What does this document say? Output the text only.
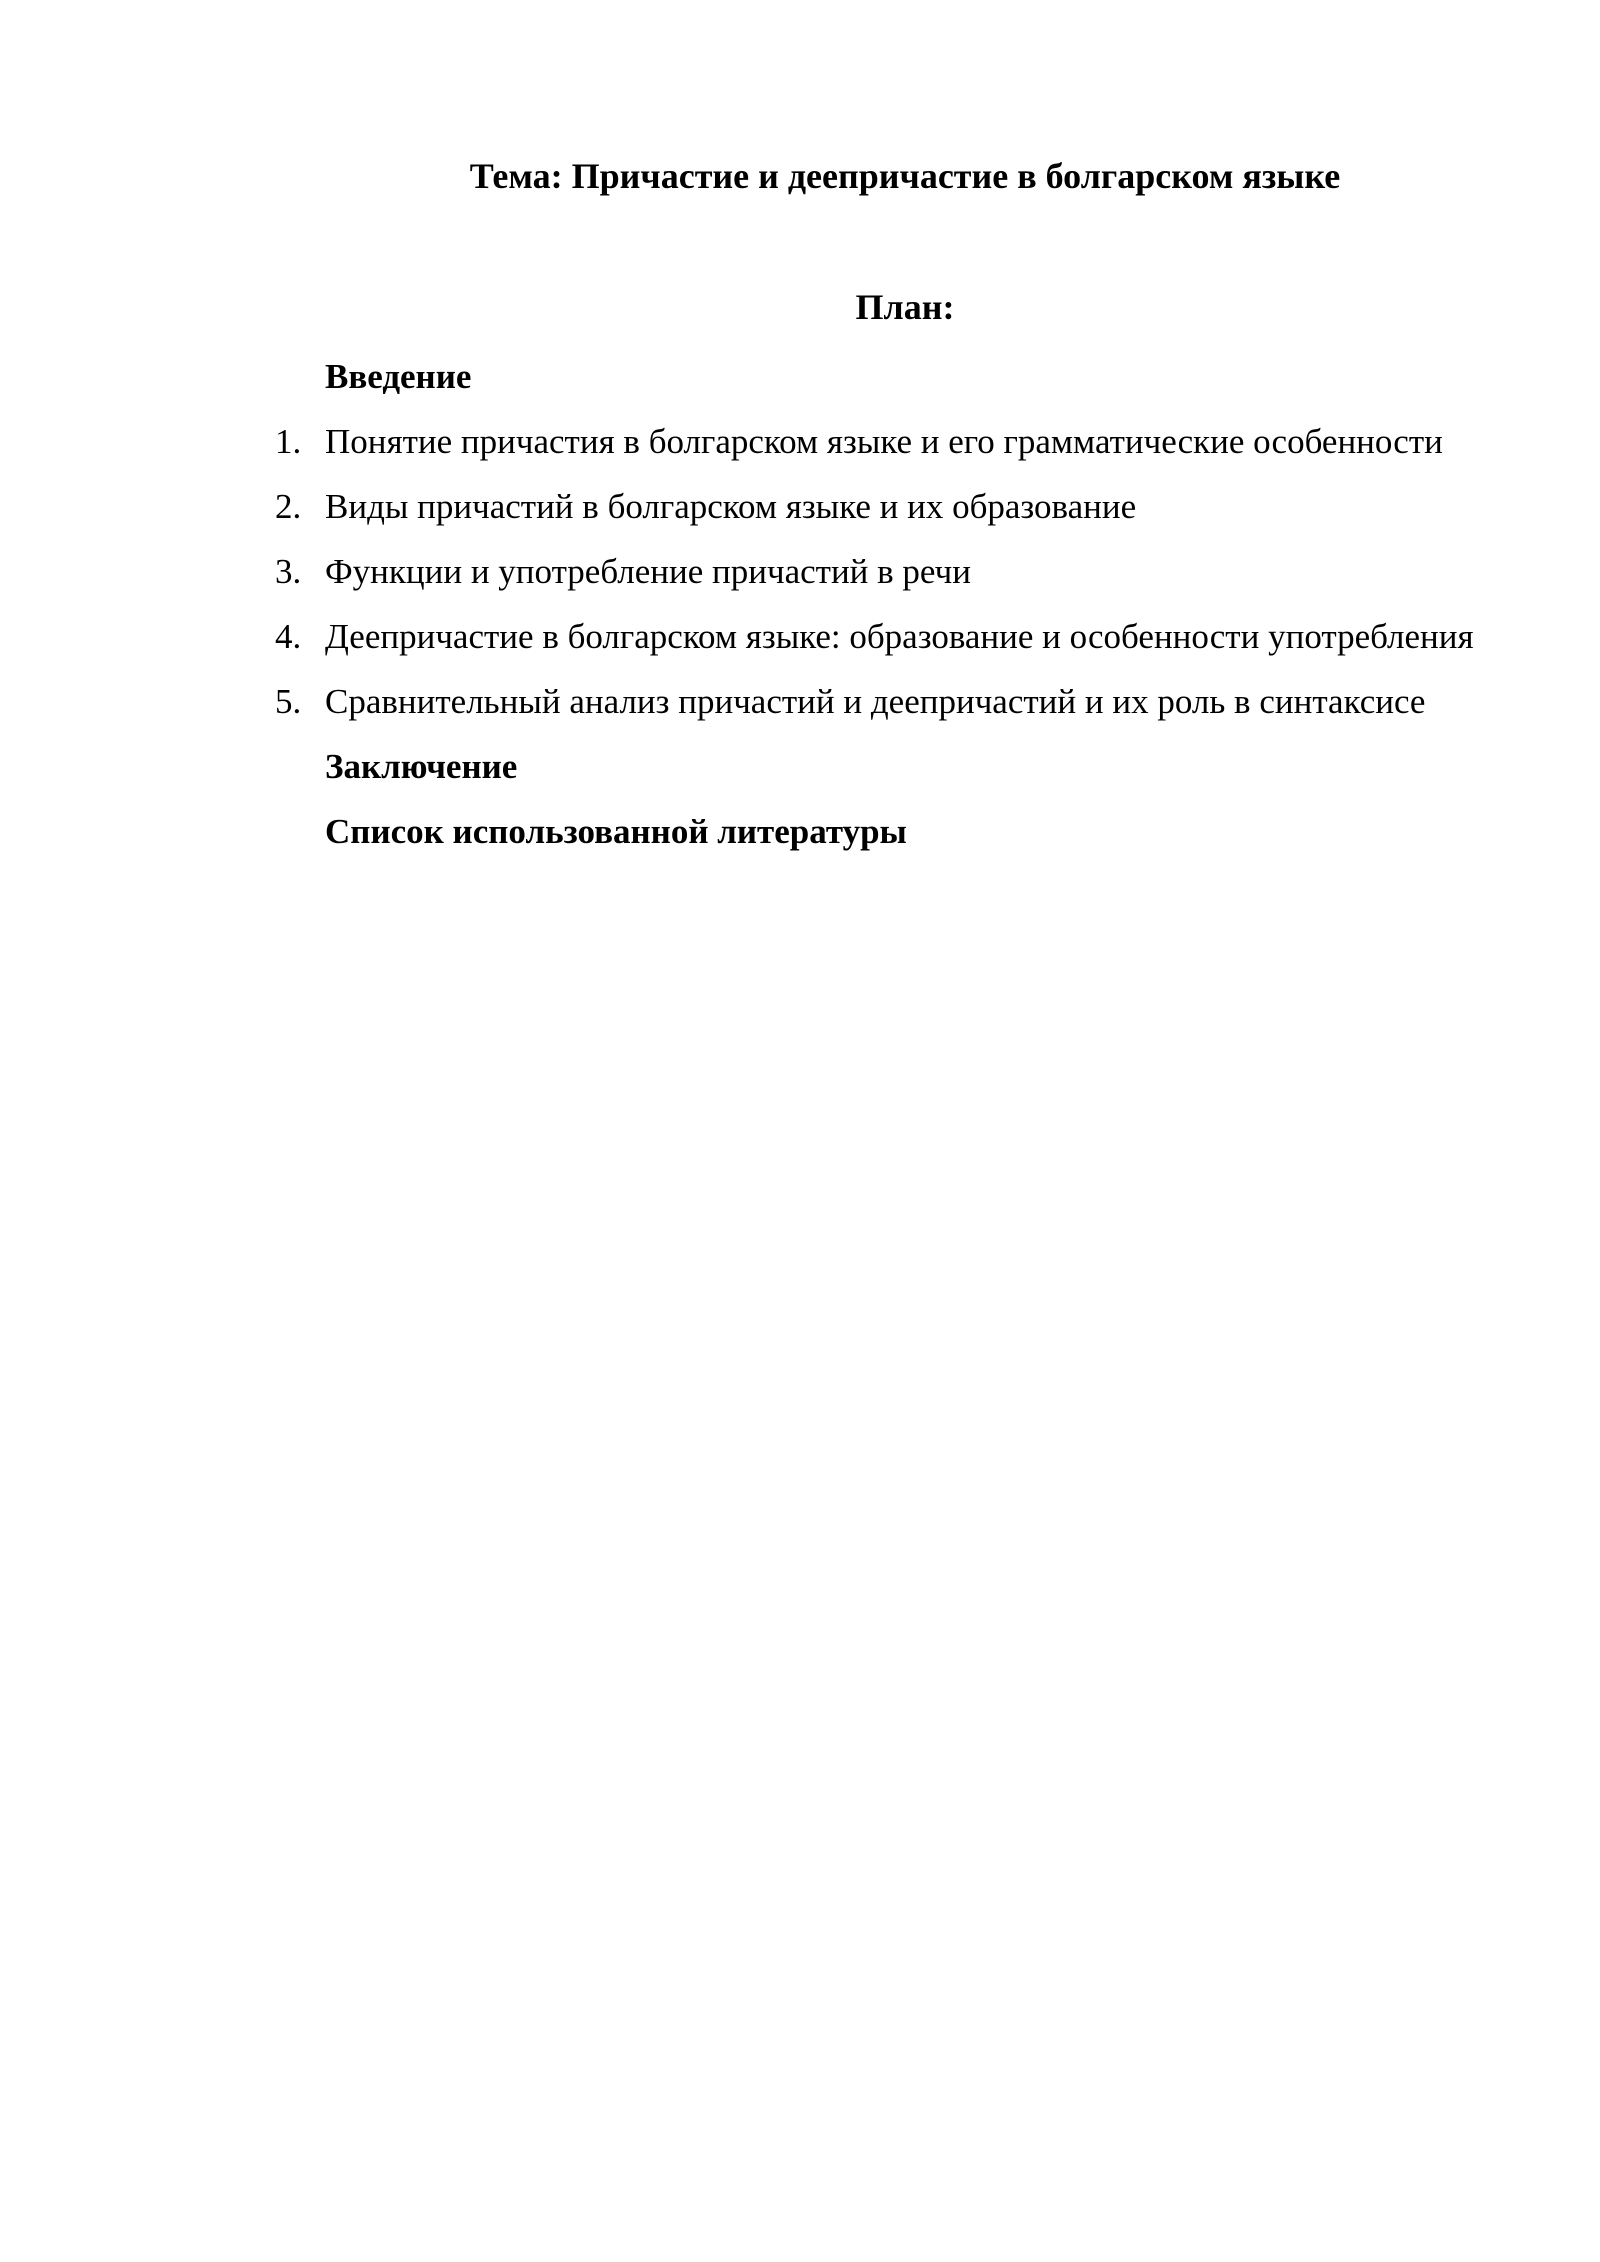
Тема: Причастие и деепричастие в болгарском языке
План:

Введение

1. Понятие причастия в болгарском языке и его грамматические особенности
2. Виды причастий в болгарском языке и их образование
3. Функции и употребление причастий в речи
4. Деепричастие в болгарском языке: образование и особенности употребления
5. Сравнительный анализ причастий и деепричастий и их роль в синтаксисе

Заключение

Список использованной литературы
